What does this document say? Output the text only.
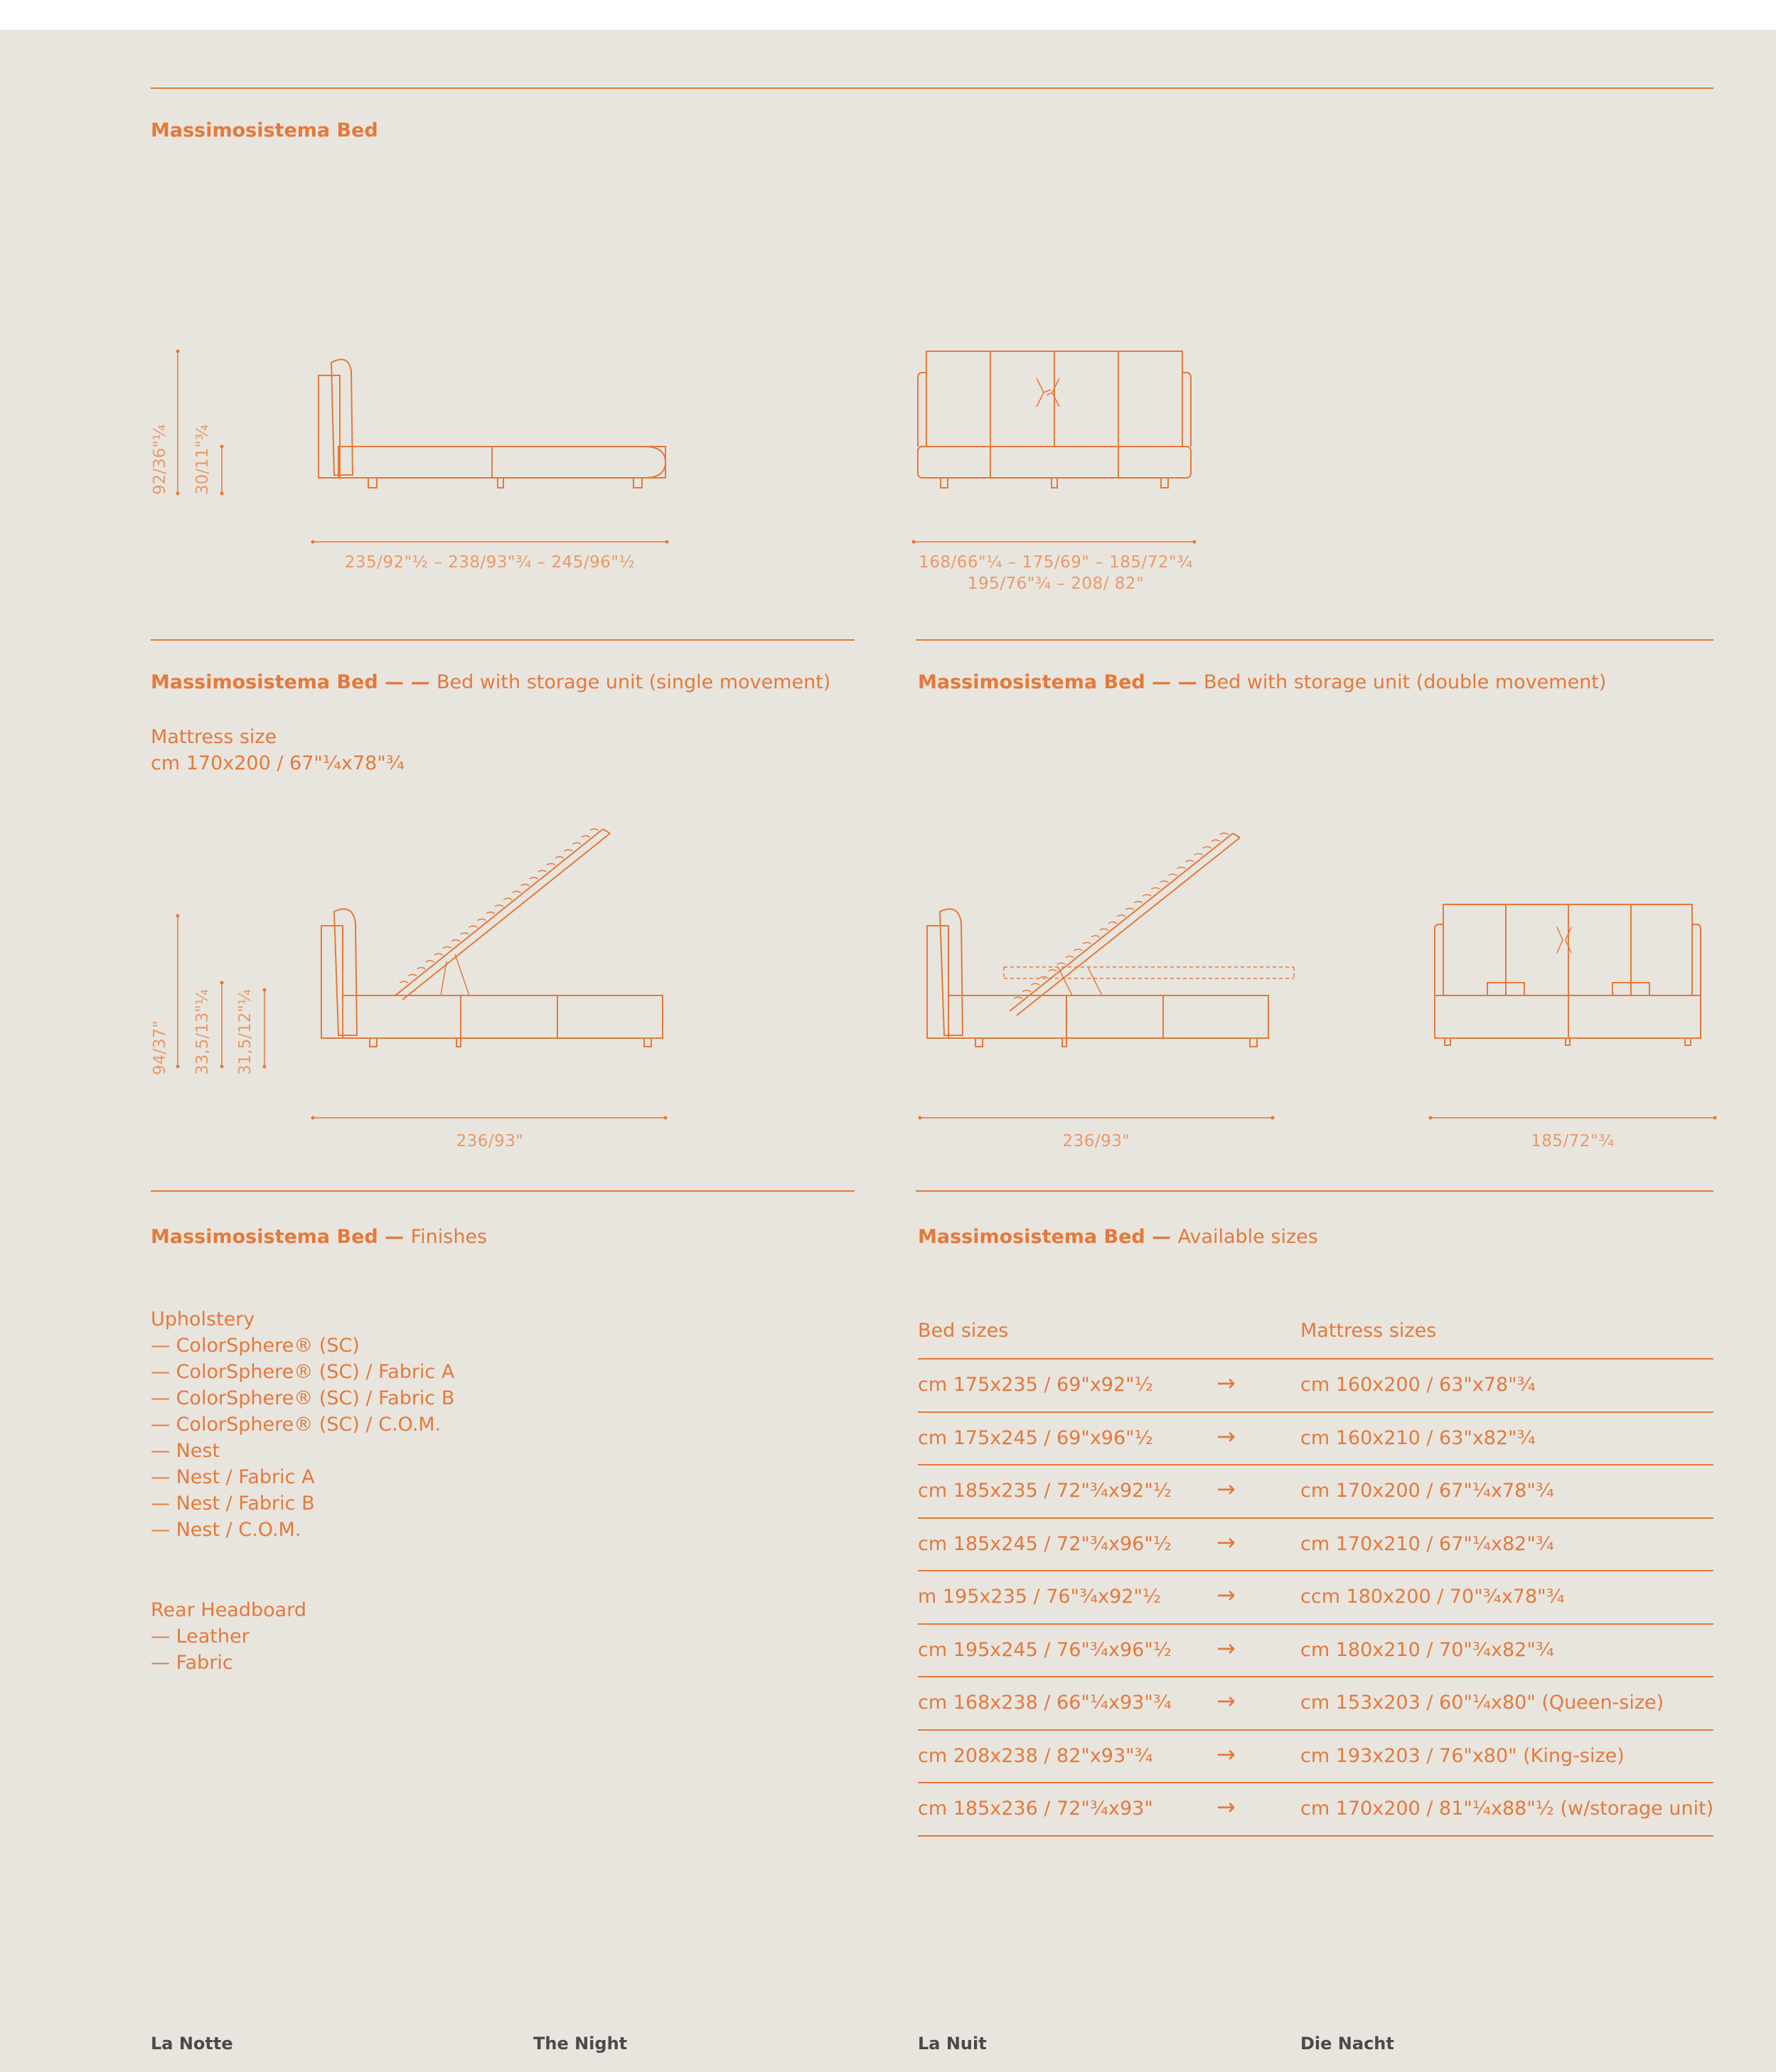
Massimosistema Bed
92/36"¼ 30/11"¾
235/92"½ – 238/93"¾ – 245/96"½	168/66"¼ – 175/69" – 185/72"¾
195/76"¾ – 208/ 82"
Massimosistema Bed — — Bed with storage unit (single movement)	Massimosistema Bed — — Bed with storage unit (double movement)
Mattress size
cm 170x200 / 67"¼x78"¾
94/37" 33,5/13"¼ 31,5/12"¼
236/93"	236/93"	185/72"¾
Massimosistema Bed — Finishes	Massimosistema Bed — Available sizes
Upholstery
— ColorSphere® (SC)
— ColorSphere® (SC) / Fabric A
— ColorSphere® (SC) / Fabric B
— ColorSphere® (SC) / C.O.M.
— Nest
— Nest / Fabric A
— Nest / Fabric B
— Nest / C.O.M.
Rear Headboard
— Leather
— Fabric
Bed sizes	Mattress sizes
cm 175x235 / 69"x92"½	→	cm 160x200 / 63"x78"¾
cm 175x245 / 69"x96"½	→	cm 160x210 / 63"x82"¾
cm 185x235 / 72"¾x92"½ →	cm 170x200 / 67"¼x78"¾
cm 185x245 / 72"¾x96"½ →	cm 170x210 / 67"¼x82"¾
m 195x235 / 76"¾x92"½ →	ccm 180x200 / 70"¾x78"¾
cm 195x245 / 76"¾x96"½ →	cm 180x210 / 70"¾x82"¾
cm 168x238 / 66"¼x93"¾ →	cm 153x203 / 60"¼x80" (Queen-size)
cm 208x238 / 82"x93"¾	→	cm 193x203 / 76"x80" (King-size)
cm 185x236 / 72"¾x93"	→	cm 170x200 / 81"¼x88"½ (w/storage unit)
La Notte	The Night	La Nuit	Die Nacht
